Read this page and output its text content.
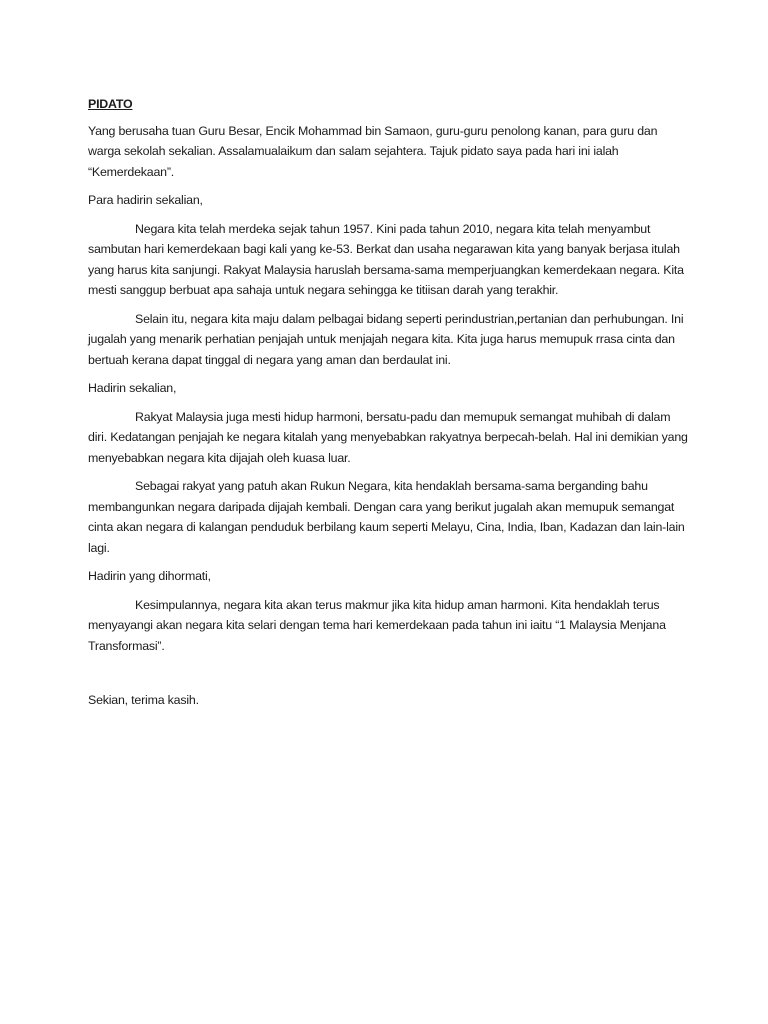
PIDATO

Yang berusaha tuan Guru Besar, Encik Mohammad bin Samaon, guru-guru penolong kanan, para guru dan warga sekolah sekalian. Assalamualaikum dan salam sejahtera. Tajuk pidato saya pada hari ini ialah “Kemerdekaan”.

Para hadirin sekalian,

Negara kita telah merdeka sejak tahun 1957. Kini pada tahun 2010, negara kita telah menyambut sambutan hari kemerdekaan bagi kali yang ke-53. Berkat dan usaha negarawan kita yang banyak berjasa itulah yang harus kita sanjungi. Rakyat Malaysia haruslah bersama-sama memperjuangkan kemerdekaan negara. Kita mesti sanggup berbuat apa sahaja untuk negara sehingga ke titiisan darah yang terakhir.

Selain itu, negara kita maju dalam pelbagai bidang seperti perindustrian,pertanian dan perhubungan. Ini jugalah yang menarik perhatian penjajah untuk menjajah negara kita. Kita juga harus memupuk rrasa cinta dan bertuah kerana dapat tinggal di negara yang aman dan berdaulat ini.

Hadirin sekalian,

Rakyat Malaysia juga mesti hidup harmoni, bersatu-padu dan memupuk semangat muhibah di dalam diri. Kedatangan penjajah ke negara kitalah yang menyebabkan rakyatnya berpecah-belah. Hal ini demikian yang menyebabkan negara kita dijajah oleh kuasa luar.

Sebagai rakyat yang patuh akan Rukun Negara, kita hendaklah bersama-sama berganding bahu membangunkan negara daripada dijajah kembali. Dengan cara yang berikut jugalah akan memupuk semangat cinta akan negara di kalangan penduduk berbilang kaum seperti Melayu, Cina, India, Iban, Kadazan dan lain-lain lagi.

Hadirin yang dihormati,

Kesimpulannya, negara kita akan terus makmur jika kita hidup aman harmoni. Kita hendaklah terus menyayangi akan negara kita selari dengan tema hari kemerdekaan pada tahun ini iaitu “1 Malaysia Menjana Transformasi”.

Sekian, terima kasih.
